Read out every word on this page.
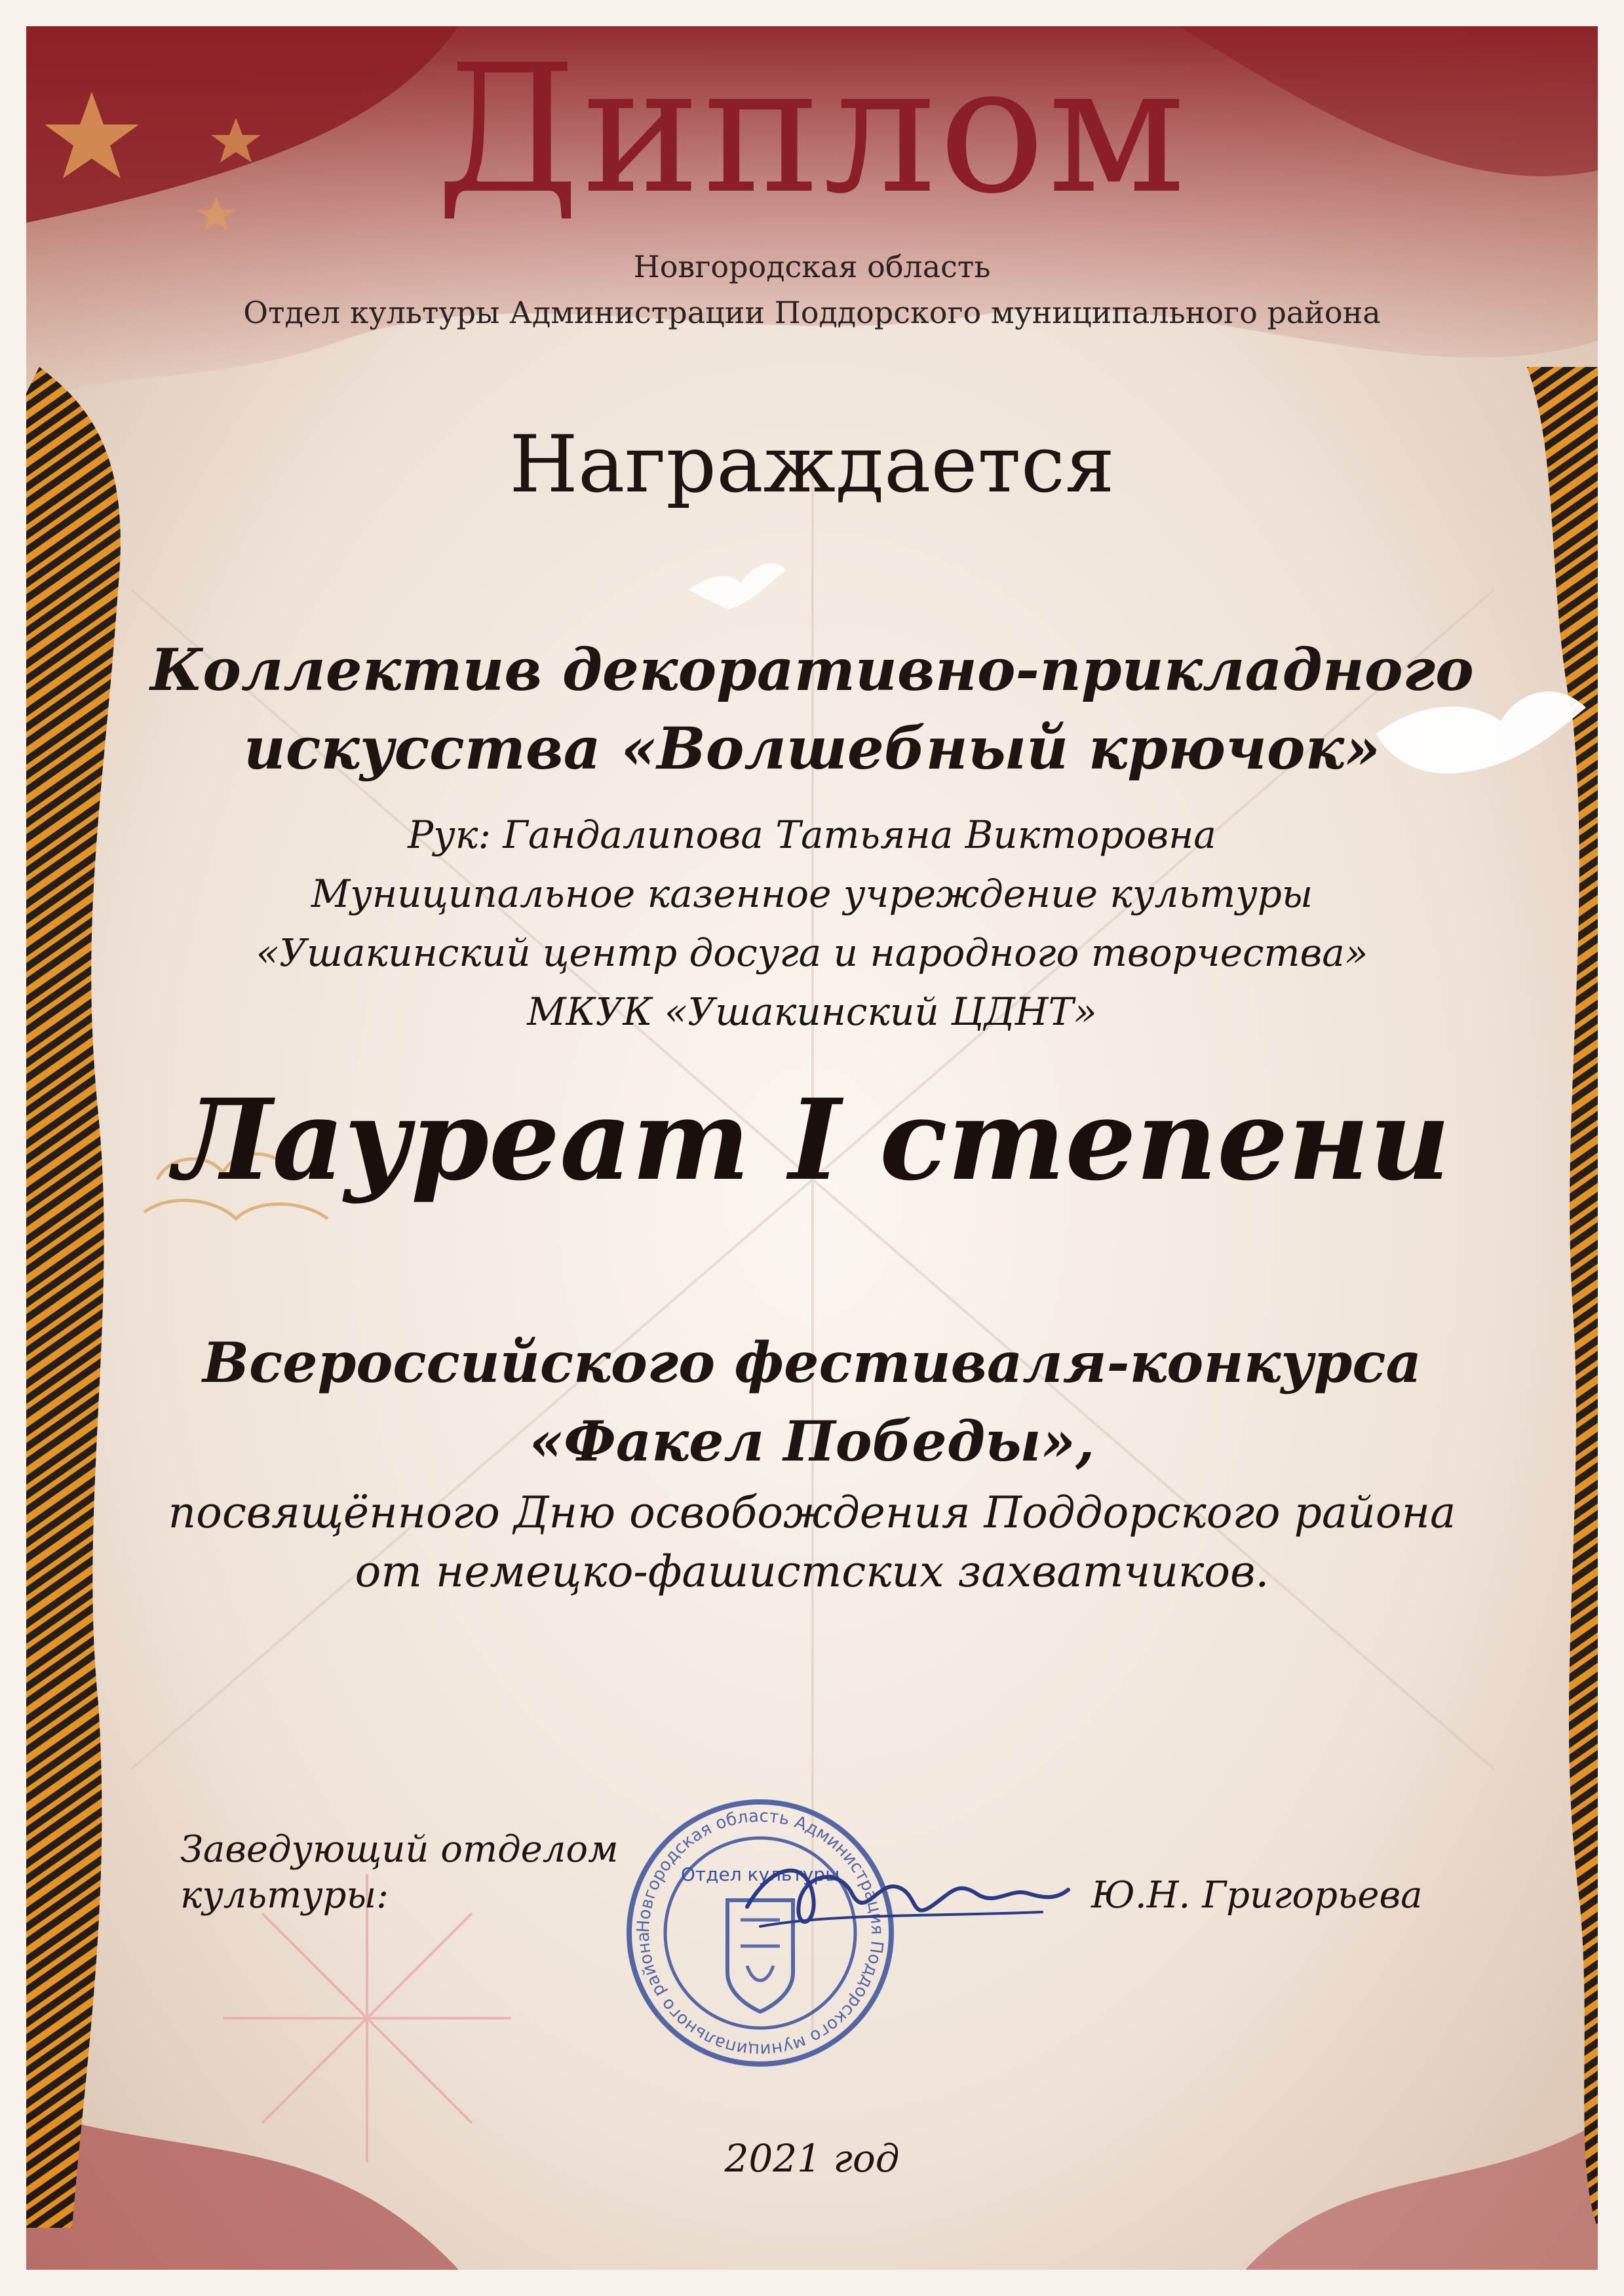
Диплом

Новгородская область

Отдел культуры Администрации Поддорского муниципального района

Награждается

Коллектив декоративно-прикладного

искусства «Волшебный крючок»

Рук: Гандалипова Татьяна Викторовна

Муниципальное казенное учреждение культуры

«Ушакинский центр досуга и народного творчества»

МКУК «Ушакинский ЦДНТ»

Лауреат I степени

Всероссийского фестиваля-конкурса

«Факел Победы»,

посвящённого Дню освобождения Поддорского района

от немецко-фашистских захватчиков.

Заведующий отделом

культуры:

Новгородская область Администрация Поддорского муниципального района
Отдел культуры	Ю.Н. Григорьева

2021 год
